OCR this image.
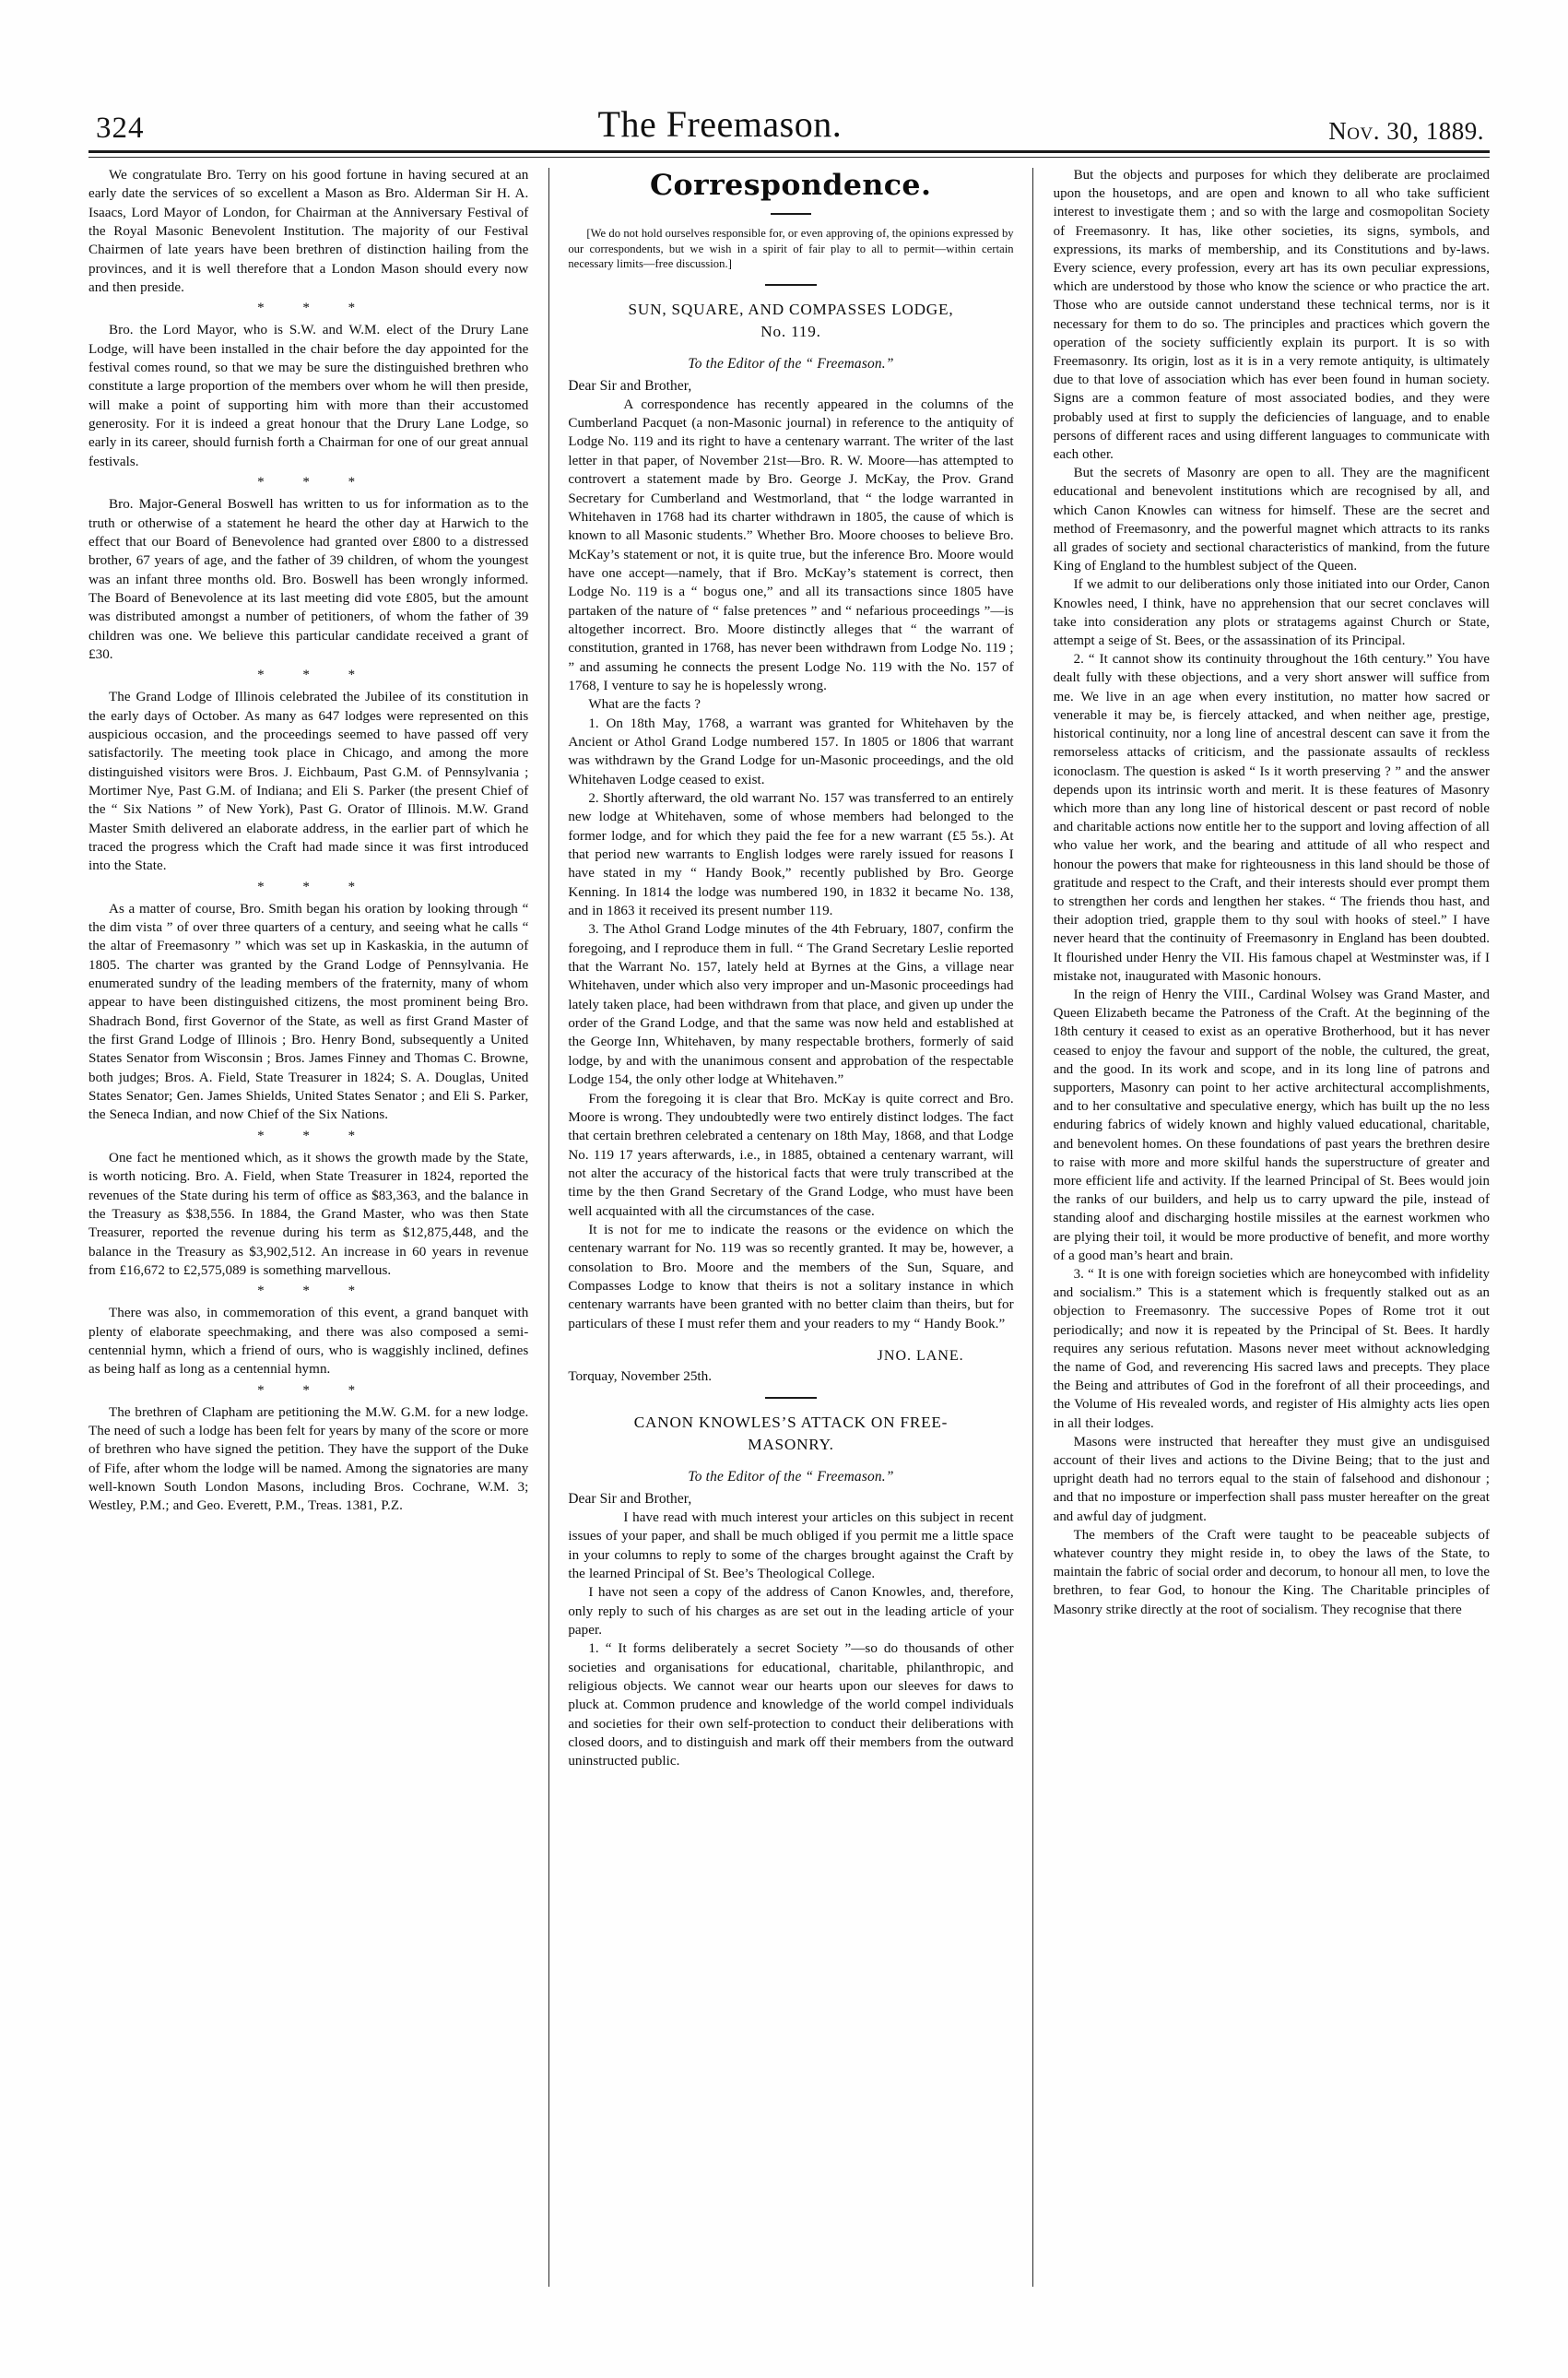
324	The Freemason.	Nov. 30, 1889.

We congratulate Bro. Terry on his good fortune in having secured at an early date the services of so excellent a Mason as Bro. Alderman Sir H. A. Isaacs, Lord Mayor of London, for Chairman at the Anniversary Festival of the Royal Masonic Benevolent Institution. The majority of our Festival Chairmen of late years have been brethren of distinction hailing from the provinces, and it is well therefore that a London Mason should every now and then preside.

* * *

Bro. the Lord Mayor, who is S.W. and W.M. elect of the Drury Lane Lodge, will have been installed in the chair before the day appointed for the festival comes round, so that we may be sure the distinguished brethren who constitute a large proportion of the members over whom he will then preside, will make a point of supporting him with more than their accustomed generosity. For it is indeed a great honour that the Drury Lane Lodge, so early in its career, should furnish forth a Chairman for one of our great annual festivals.

* * *

Bro. Major-General Boswell has written to us for information as to the truth or otherwise of a statement he heard the other day at Harwich to the effect that our Board of Benevolence had granted over £800 to a distressed brother, 67 years of age, and the father of 39 children, of whom the youngest was an infant three months old. Bro. Boswell has been wrongly informed. The Board of Benevolence at its last meeting did vote £805, but the amount was distributed amongst a number of petitioners, of whom the father of 39 children was one. We believe this particular candidate received a grant of £30.

* * *

The Grand Lodge of Illinois celebrated the Jubilee of its constitution in the early days of October. As many as 647 lodges were represented on this auspicious occasion, and the proceedings seemed to have passed off very satisfactorily. The meeting took place in Chicago, and among the more distinguished visitors were Bros. J. Eichbaum, Past G.M. of Pennsylvania ; Mortimer Nye, Past G.M. of Indiana; and Eli S. Parker (the present Chief of the “ Six Nations ” of New York), Past G. Orator of Illinois. M.W. Grand Master Smith delivered an elaborate address, in the earlier part of which he traced the progress which the Craft had made since it was first introduced into the State.

* * *

As a matter of course, Bro. Smith began his oration by looking through “ the dim vista ” of over three quarters of a century, and seeing what he calls “ the altar of Freemasonry ” which was set up in Kaskaskia, in the autumn of 1805. The charter was granted by the Grand Lodge of Pennsylvania. He enumerated sundry of the leading members of the fraternity, many of whom appear to have been distinguished citizens, the most prominent being Bro. Shadrach Bond, first Governor of the State, as well as first Grand Master of the first Grand Lodge of Illinois ; Bro. Henry Bond, subsequently a United States Senator from Wisconsin ; Bros. James Finney and Thomas C. Browne, both judges; Bros. A. Field, State Treasurer in 1824; S. A. Douglas, United States Senator; Gen. James Shields, United States Senator ; and Eli S. Parker, the Seneca Indian, and now Chief of the Six Nations.

* * *

One fact he mentioned which, as it shows the growth made by the State, is worth noticing. Bro. A. Field, when State Treasurer in 1824, reported the revenues of the State during his term of office as $83,363, and the balance in the Treasury as $38,556. In 1884, the Grand Master, who was then State Treasurer, reported the revenue during his term as $12,875,448, and the balance in the Treasury as $3,902,512. An increase in 60 years in revenue from £16,672 to £2,575,089 is something marvellous.

* * *

There was also, in commemoration of this event, a grand banquet with plenty of elaborate speechmaking, and there was also composed a semi-centennial hymn, which a friend of ours, who is waggishly inclined, defines as being half as long as a centennial hymn.

* * *

The brethren of Clapham are petitioning the M.W. G.M. for a new lodge. The need of such a lodge has been felt for years by many of the score or more of brethren who have signed the petition. They have the support of the Duke of Fife, after whom the lodge will be named. Among the signatories are many well-known South London Masons, including Bros. Cochrane, W.M. 3; Westley, P.M.; and Geo. Everett, P.M., Treas. 1381, P.Z.

Correspondence.

[We do not hold ourselves responsible for, or even approving of, the opinions expressed by our correspondents, but we wish in a spirit of fair play to all to permit—within certain necessary limits—free discussion.]

SUN, SQUARE, AND COMPASSES LODGE,
No. 119.
To the Editor of the “ Freemason.”

Dear Sir and Brother,

A correspondence has recently appeared in the columns of the Cumberland Pacquet (a non-Masonic journal) in reference to the antiquity of Lodge No. 119 and its right to have a centenary warrant. The writer of the last letter in that paper, of November 21st—Bro. R. W. Moore—has attempted to controvert a statement made by Bro. George J. McKay, the Prov. Grand Secretary for Cumberland and Westmorland, that “ the lodge warranted in Whitehaven in 1768 had its charter withdrawn in 1805, the cause of which is known to all Masonic students.” Whether Bro. Moore chooses to believe Bro. McKay’s statement or not, it is quite true, but the inference Bro. Moore would have one accept—namely, that if Bro. McKay’s statement is correct, then Lodge No. 119 is a “ bogus one,” and all its transactions since 1805 have partaken of the nature of “ false pretences ” and “ nefarious proceedings ”—is altogether incorrect. Bro. Moore distinctly alleges that “ the warrant of constitution, granted in 1768, has never been withdrawn from Lodge No. 119 ; ” and assuming he connects the present Lodge No. 119 with the No. 157 of 1768, I venture to say he is hopelessly wrong.

What are the facts ?

1. On 18th May, 1768, a warrant was granted for Whitehaven by the Ancient or Athol Grand Lodge numbered 157. In 1805 or 1806 that warrant was withdrawn by the Grand Lodge for un-Masonic proceedings, and the old Whitehaven Lodge ceased to exist.

2. Shortly afterward, the old warrant No. 157 was transferred to an entirely new lodge at Whitehaven, some of whose members had belonged to the former lodge, and for which they paid the fee for a new warrant (£5 5s.). At that period new warrants to English lodges were rarely issued for reasons I have stated in my “ Handy Book,” recently published by Bro. George Kenning. In 1814 the lodge was numbered 190, in 1832 it became No. 138, and in 1863 it received its present number 119.

3. The Athol Grand Lodge minutes of the 4th February, 1807, confirm the foregoing, and I reproduce them in full. “ The Grand Secretary Leslie reported that the Warrant No. 157, lately held at Byrnes at the Gins, a village near Whitehaven, under which also very improper and un-Masonic proceedings had lately taken place, had been withdrawn from that place, and given up under the order of the Grand Lodge, and that the same was now held and established at the George Inn, Whitehaven, by many respectable brothers, formerly of said lodge, by and with the unanimous consent and approbation of the respectable Lodge 154, the only other lodge at Whitehaven.”

From the foregoing it is clear that Bro. McKay is quite correct and Bro. Moore is wrong. They undoubtedly were two entirely distinct lodges. The fact that certain brethren celebrated a centenary on 18th May, 1868, and that Lodge No. 119 17 years afterwards, i.e., in 1885, obtained a centenary warrant, will not alter the accuracy of the historical facts that were truly transcribed at the time by the then Grand Secretary of the Grand Lodge, who must have been well acquainted with all the circumstances of the case.

It is not for me to indicate the reasons or the evidence on which the centenary warrant for No. 119 was so recently granted. It may be, however, a consolation to Bro. Moore and the members of the Sun, Square, and Compasses Lodge to know that theirs is not a solitary instance in which centenary warrants have been granted with no better claim than theirs, but for particulars of these I must refer them and your readers to my “ Handy Book.”

JNO. LANE.

Torquay, November 25th.

CANON KNOWLES’S ATTACK ON FREE-
MASONRY.
To the Editor of the “ Freemason.”

Dear Sir and Brother,

I have read with much interest your articles on this subject in recent issues of your paper, and shall be much obliged if you permit me a little space in your columns to reply to some of the charges brought against the Craft by the learned Principal of St. Bee’s Theological College.

I have not seen a copy of the address of Canon Knowles, and, therefore, only reply to such of his charges as are set out in the leading article of your paper.

1. “ It forms deliberately a secret Society ”—so do thousands of other societies and organisations for educational, charitable, philanthropic, and religious objects. We cannot wear our hearts upon our sleeves for daws to pluck at. Common prudence and knowledge of the world compel individuals and societies for their own self-protection to conduct their deliberations with closed doors, and to distinguish and mark off their members from the outward uninstructed public.

But the objects and purposes for which they deliberate are proclaimed upon the housetops, and are open and known to all who take sufficient interest to investigate them ; and so with the large and cosmopolitan Society of Freemasonry. It has, like other societies, its signs, symbols, and expressions, its marks of membership, and its Constitutions and by-laws. Every science, every profession, every art has its own peculiar expressions, which are understood by those who know the science or who practice the art. Those who are outside cannot understand these technical terms, nor is it necessary for them to do so. The principles and practices which govern the operation of the society sufficiently explain its purport. It is so with Freemasonry. Its origin, lost as it is in a very remote antiquity, is ultimately due to that love of association which has ever been found in human society. Signs are a common feature of most associated bodies, and they were probably used at first to supply the deficiencies of language, and to enable persons of different races and using different languages to communicate with each other.

But the secrets of Masonry are open to all. They are the magnificent educational and benevolent institutions which are recognised by all, and which Canon Knowles can witness for himself. These are the secret and method of Freemasonry, and the powerful magnet which attracts to its ranks all grades of society and sectional characteristics of mankind, from the future King of England to the humblest subject of the Queen.

If we admit to our deliberations only those initiated into our Order, Canon Knowles need, I think, have no apprehension that our secret conclaves will take into consideration any plots or stratagems against Church or State, attempt a seige of St. Bees, or the assassination of its Principal.

2. “ It cannot show its continuity throughout the 16th century.” You have dealt fully with these objections, and a very short answer will suffice from me. We live in an age when every institution, no matter how sacred or venerable it may be, is fiercely attacked, and when neither age, prestige, historical continuity, nor a long line of ancestral descent can save it from the remorseless attacks of criticism, and the passionate assaults of reckless iconoclasm. The question is asked “ Is it worth preserving ? ” and the answer depends upon its intrinsic worth and merit. It is these features of Masonry which more than any long line of historical descent or past record of noble and charitable actions now entitle her to the support and loving affection of all who value her work, and the bearing and attitude of all who respect and honour the powers that make for righteousness in this land should be those of gratitude and respect to the Craft, and their interests should ever prompt them to strengthen her cords and lengthen her stakes. “ The friends thou hast, and their adoption tried, grapple them to thy soul with hooks of steel.” I have never heard that the continuity of Freemasonry in England has been doubted. It flourished under Henry the VII. His famous chapel at Westminster was, if I mistake not, inaugurated with Masonic honours.

In the reign of Henry the VIII., Cardinal Wolsey was Grand Master, and Queen Elizabeth became the Patroness of the Craft. At the beginning of the 18th century it ceased to exist as an operative Brotherhood, but it has never ceased to enjoy the favour and support of the noble, the cultured, the great, and the good. In its work and scope, and in its long line of patrons and supporters, Masonry can point to her active architectural accomplishments, and to her consultative and speculative energy, which has built up the no less enduring fabrics of widely known and highly valued educational, charitable, and benevolent homes. On these foundations of past years the brethren desire to raise with more and more skilful hands the superstructure of greater and more efficient life and activity. If the learned Principal of St. Bees would join the ranks of our builders, and help us to carry upward the pile, instead of standing aloof and discharging hostile missiles at the earnest workmen who are plying their toil, it would be more productive of benefit, and more worthy of a good man’s heart and brain.

3. “ It is one with foreign societies which are honeycombed with infidelity and socialism.” This is a statement which is frequently stalked out as an objection to Freemasonry. The successive Popes of Rome trot it out periodically; and now it is repeated by the Principal of St. Bees. It hardly requires any serious refutation. Masons never meet without acknowledging the name of God, and reverencing His sacred laws and precepts. They place the Being and attributes of God in the forefront of all their proceedings, and the Volume of His revealed words, and register of His almighty acts lies open in all their lodges.

Masons were instructed that hereafter they must give an undisguised account of their lives and actions to the Divine Being; that to the just and upright death had no terrors equal to the stain of falsehood and dishonour ; and that no imposture or imperfection shall pass muster hereafter on the great and awful day of judgment.

The members of the Craft were taught to be peaceable subjects of whatever country they might reside in, to obey the laws of the State, to maintain the fabric of social order and decorum, to honour all men, to love the brethren, to fear God, to honour the King. The Charitable principles of Masonry strike directly at the root of socialism. They recognise that there
